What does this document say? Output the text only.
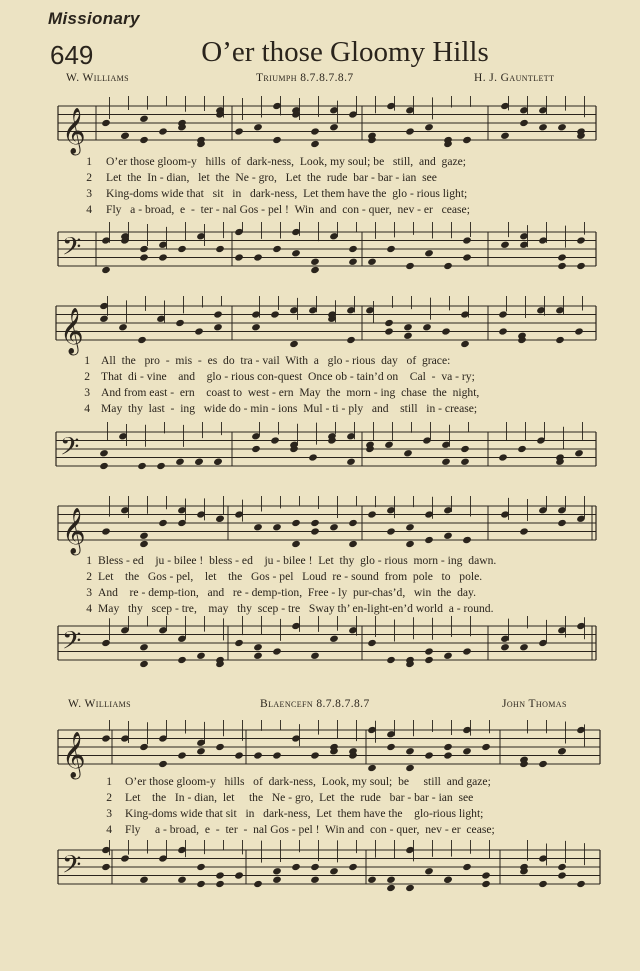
Missionary
649	O’er those Gloomy Hills
W. Williams	Triumph 8.7.8.7.8.7	H. J. Gauntlett
𝄞
1 O’er those gloom-y   hills  of  dark-ness,  Look, my soul; be   still,  and  gaze;
2 Let  the  In - dian,   let  the  Ne - gro,   Let  the  rude  bar - bar - ian  see
3 King-doms wide that   sit   in   dark-ness,  Let them have the  glo - rious light;
4 Fly   a - broad,  e  -  ter - nal Gos - pel !  Win  and  con - quer,  nev - er   cease;
𝄢
𝄞
1 All  the   pro  -  mis  -  es  do  tra - vail  With  a   glo - rious  day   of  grace:
2 That  di - vine    and    glo - rious con-quest  Once ob - tain’d on    Cal  -  va - ry;
3 And from east -  ern    coast to  west - ern  May  the  morn - ing  chase  the  night,
4 May  thy  last  -  ing   wide do - min - ions  Mul - ti - ply   and    still   in - crease;
𝄢
𝄞
1 Bless - ed    ju - bilee !  bless - ed    ju - bilee !  Let  thy  glo - rious  morn - ing  dawn.
2 Let    the   Gos - pel,    let    the   Gos - pel   Loud  re - sound  from  pole   to   pole.
3 And    re - demp-tion,   and   re - demp-tion,  Free - ly  pur-chas’d,   win  the  day.
4 May   thy   scep - tre,    may   thy  scep - tre   Sway th’ en-light-en’d world  a - round.
𝄢
W. Williams	Blaencefn 8.7.8.7.8.7	John Thomas
𝄞
1 O’er those gloom-y   hills   of  dark-ness,  Look, my soul;  be     still  and gaze;
2 Let    the   In - dian,  let     the   Ne - gro,  Let  the  rude   bar - bar - ian  see
3 King-doms wide that sit   in   dark-ness,  Let  them have the    glo-rious light;
4 Fly     a - broad,  e  -  ter  -  nal Gos - pel !  Win and  con - quer,  nev - er  cease;
𝄢
